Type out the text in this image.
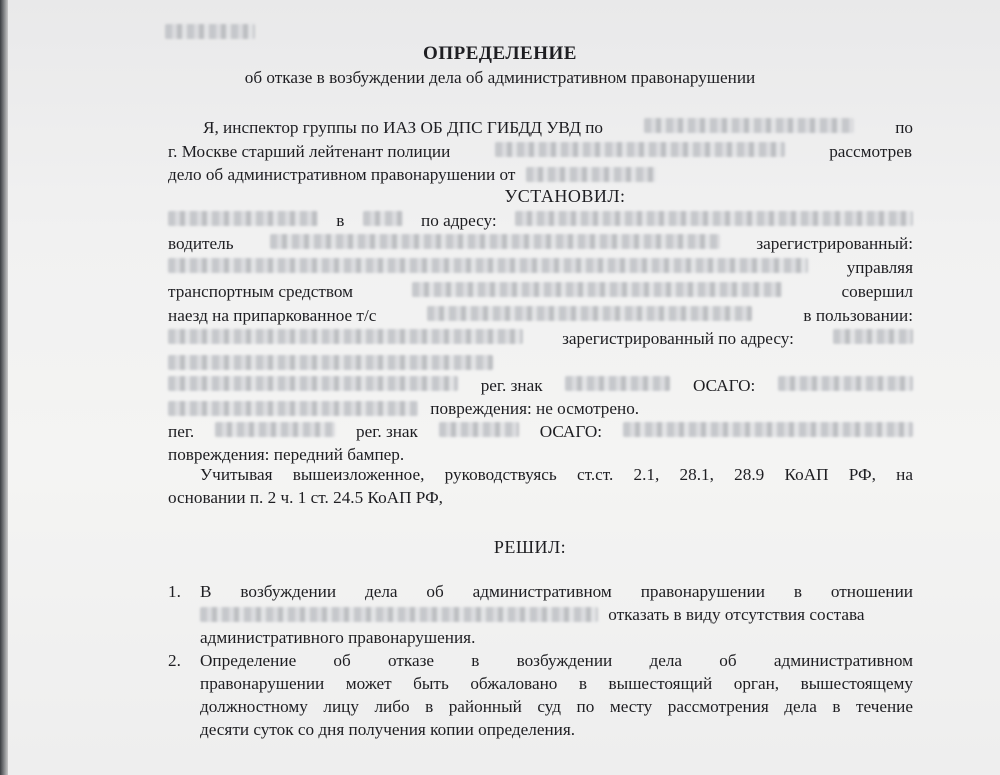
ОПРЕДЕЛЕНИЕ
об отказе в возбуждении дела об административном правонарушении
Я, инспектор группы по ИАЗ ОБ ДПС ГИБДД УВД по	по
г. Москве старший лейтенант полиции	рассмотрев
дело об административном правонарушении от
УСТАНОВИЛ:
в	по адресу:
водитель	зарегистрированный:
управляя
транспортным средством	совершил
наезд на припаркованное т/с	в пользовании:
зарегистрированный по адресу:
рег. знак	ОСАГО:
повреждения: не осмотрено.
пег.	рег. знак	ОСАГО:
повреждения: передний бампер.
Учитывая вышеизложенное, руководствуясь ст.ст. 2.1, 28.1, 28.9 КоАП РФ, на
основании п. 2 ч. 1 ст. 24.5 КоАП РФ,
РЕШИЛ:
1. В возбуждении дела об административном правонарушении в отношении
отказать в виду отсутствия состава
административного правонарушения.
2. Определение об отказе в возбуждении дела об административном
правонарушении может быть обжаловано в вышестоящий орган, вышестоящему
должностному лицу либо в районный суд по месту рассмотрения дела в течение
десяти суток со дня получения копии определения.
